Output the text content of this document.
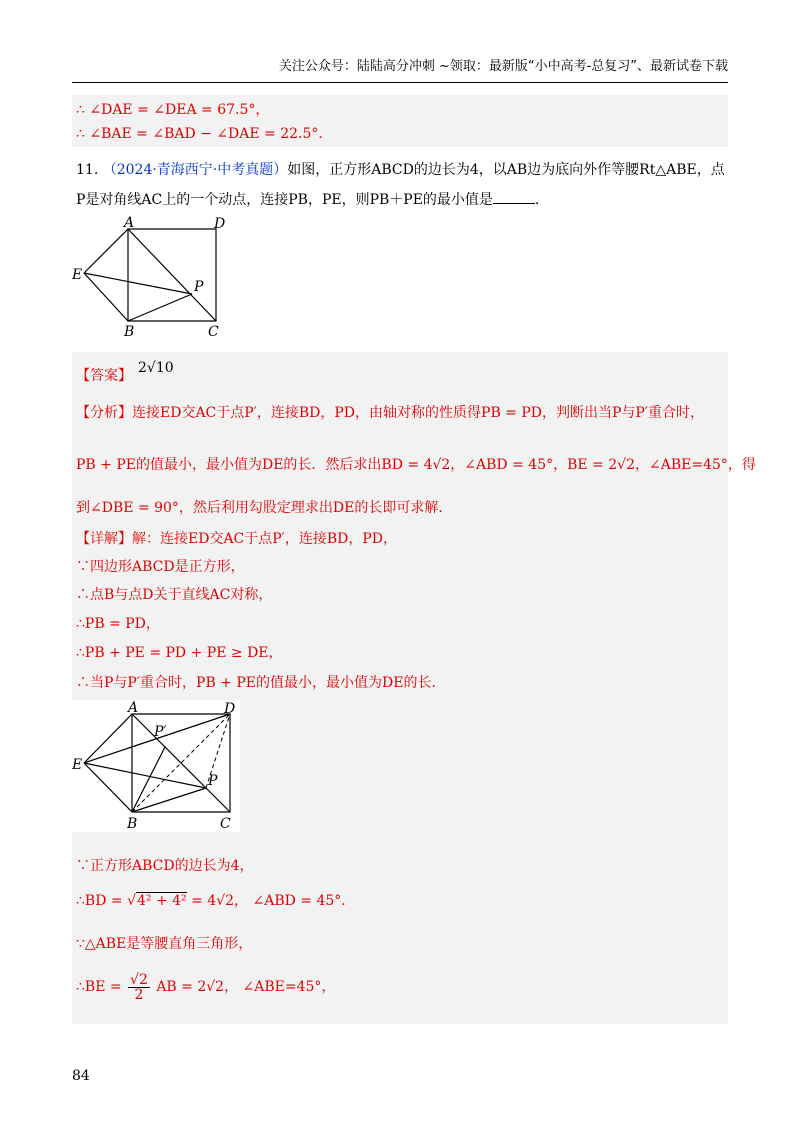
关注公众号：陆陆高分冲刺 ~领取：最新版“小中高考-总复习”、最新试卷下载
∴ ∠DAE = ∠DEA = 67.5°，
∴ ∠BAE = ∠BAD − ∠DAE = 22.5°．
11. （2024·青海西宁·中考真题）如图，正方形ABCD的边长为4，以AB边为底向外作等腰Rt△ABE，点
P是对角线AC上的一个动点，连接PB，PE，则PB＋PE的最小值是	．
A	D
E
P
B	C
【答案】 2√10
【分析】连接ED交AC于点P′，连接BD，PD，由轴对称的性质得PB = PD，判断出当P与P′重合时，
PB + PE的值最小，最小值为DE的长．然后求出BD = 4√2，∠ABD = 45°，BE = 2√2，∠ABE=45°，得
到∠DBE = 90°，然后利用勾股定理求出DE的长即可求解．
【详解】解：连接ED交AC于点P′，连接BD，PD，
∵四边形ABCD是正方形，
∴点B与点D关于直线AC对称，
∴PB = PD，
∴PB + PE = PD + PE ≥ DE，
∴当P与P′重合时，PB + PE的值最小，最小值为DE的长．
A
P′
D
E
P
B	C
∵正方形ABCD的边长为4，
∴BD = √4² + 4² = 4√2， ∠ABD = 45°．
∵△ABE是等腰直角三角形，
∴BE = $\frac{√2}{2}$ AB = 2√2， ∠ABE=45°，
84
